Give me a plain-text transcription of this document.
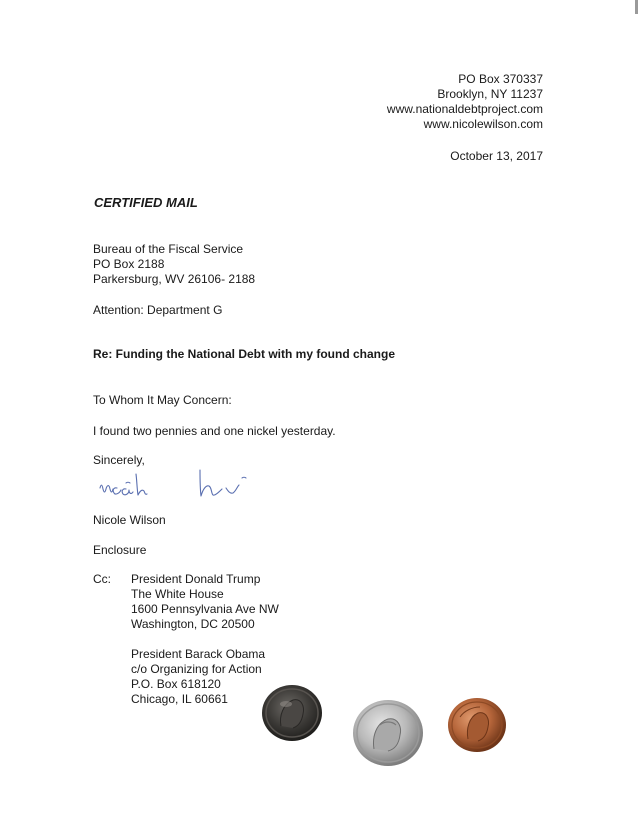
PO Box 370337
Brooklyn, NY 11237
www.nationaldebtproject.com
www.nicolewilson.com
October 13, 2017
CERTIFIED MAIL
Bureau of the Fiscal Service
PO Box 2188
Parkersburg, WV 26106- 2188
Attention: Department G
Re: Funding the National Debt with my found change
To Whom It May Concern:
I found two pennies and one nickel yesterday.
Sincerely,
Nicole Wilson
Enclosure
Cc: President Donald Trump
The White House
1600 Pennsylvania Ave NW
Washington, DC 20500
President Barack Obama
c/o Organizing for Action
P.O. Box 618120
Chicago, IL 60661
